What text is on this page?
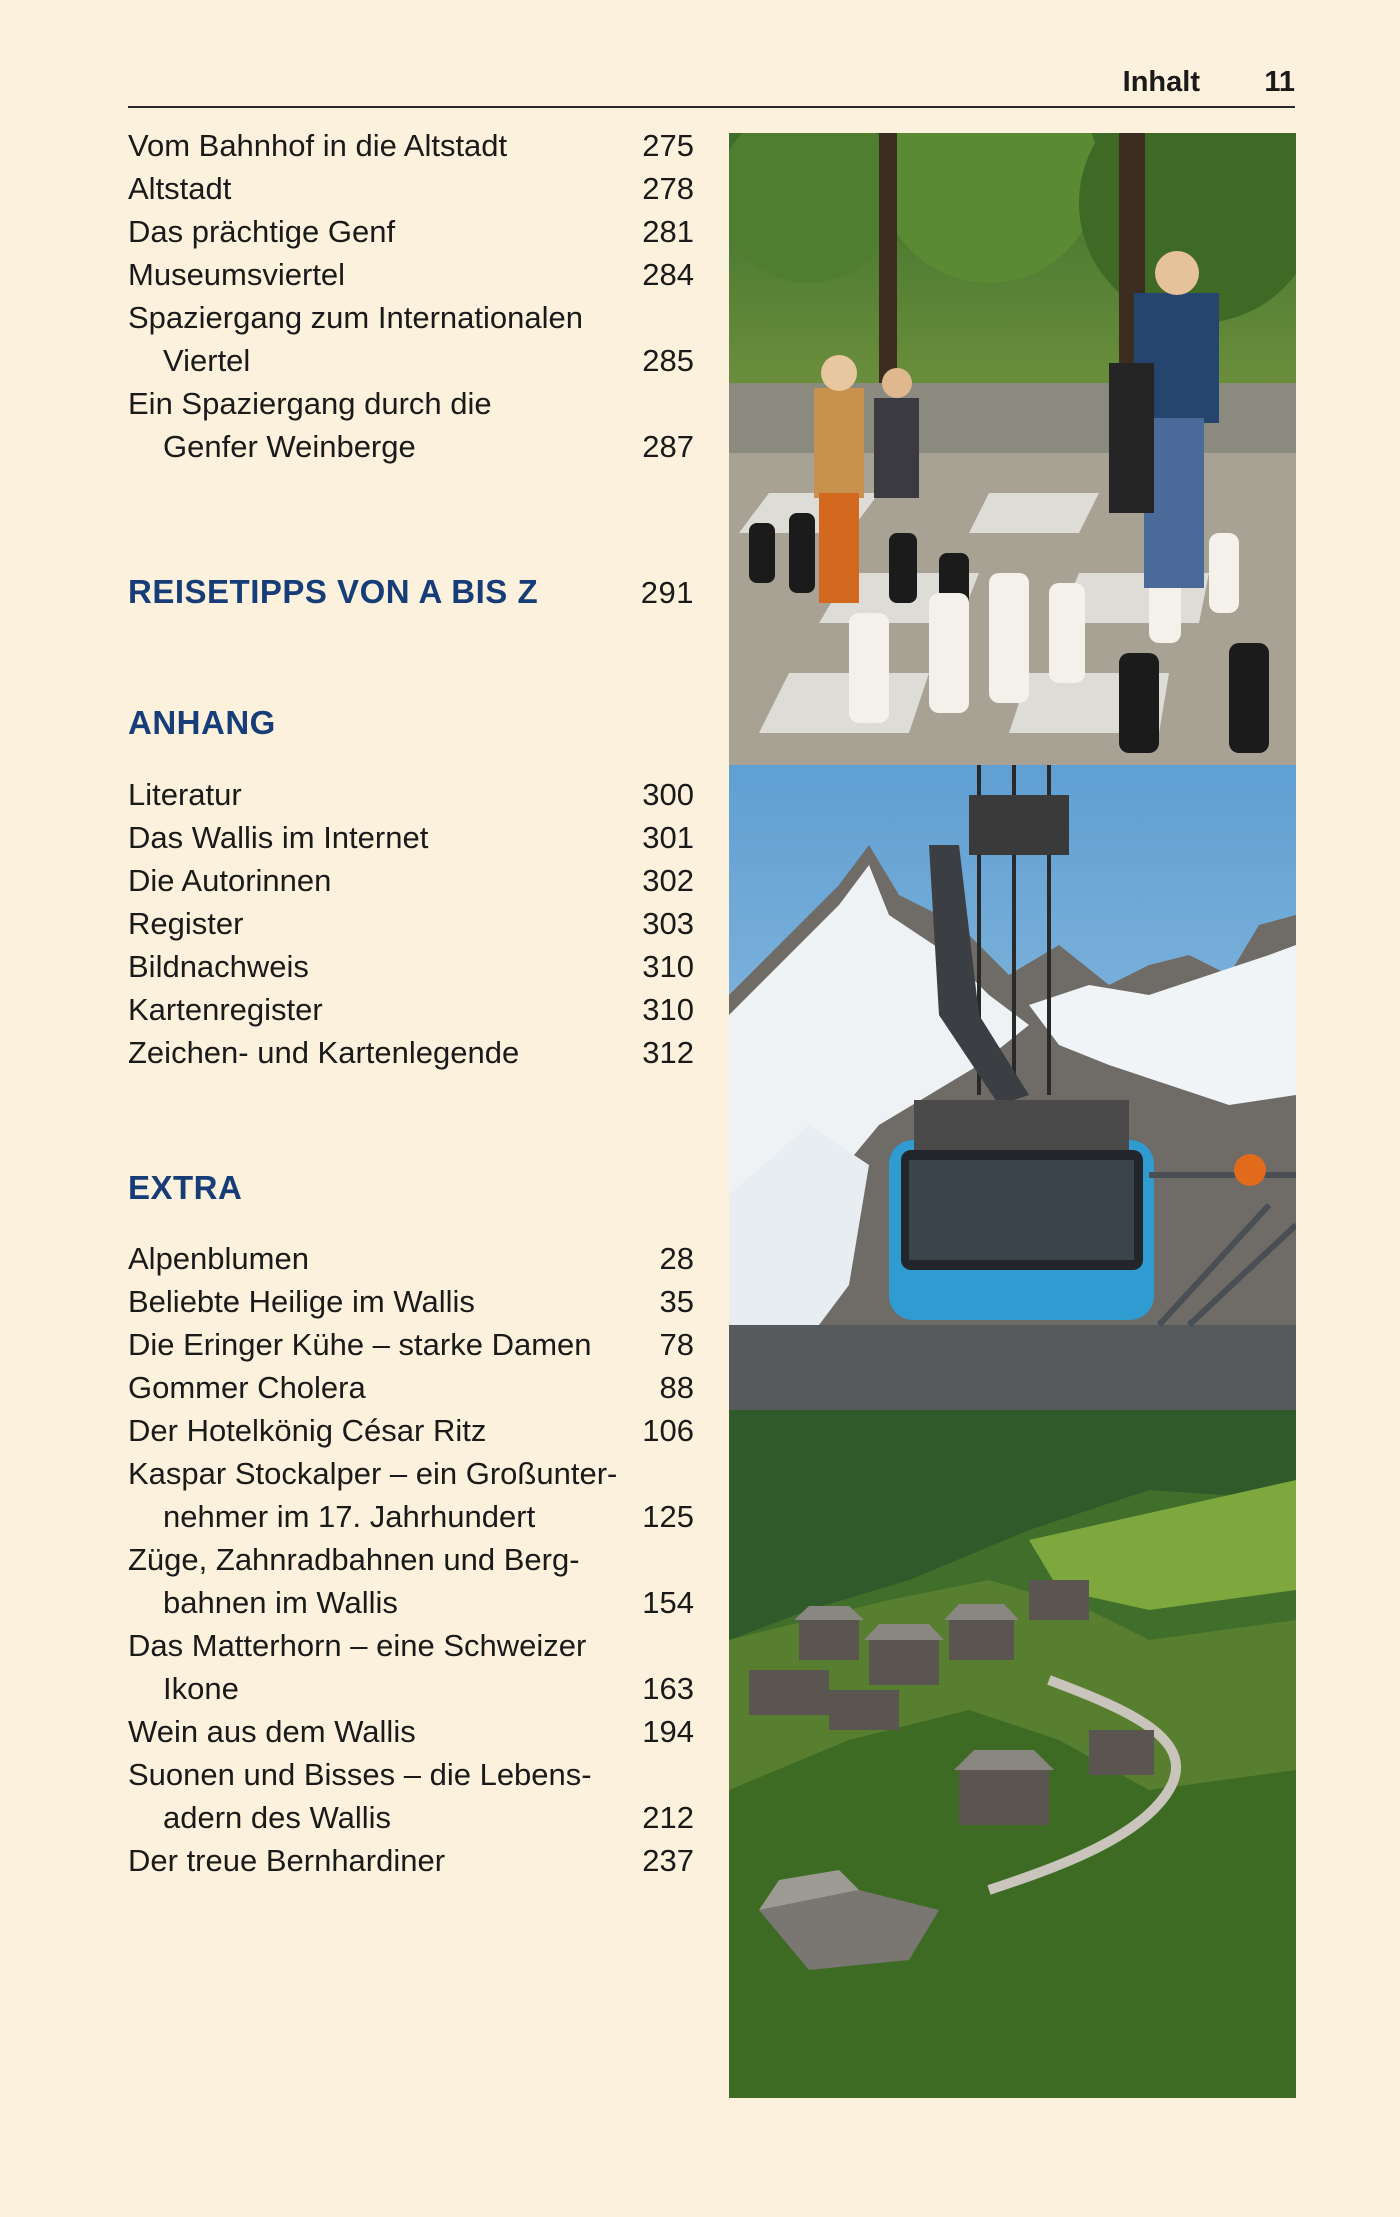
Inhalt 11
Vom Bahnhof in die Altstadt	275
Altstadt	278
Das prächtige Genf	281
Museumsviertel	284
Spaziergang zum Internationalen
Viertel	285
Ein Spaziergang durch die
Genfer Weinberge	287
REISETIPPS VON A BIS Z	291
ANHANG
Literatur	300
Das Wallis im Internet	301
Die Autorinnen	302
Register	303
Bildnachweis	310
Kartenregister	310
Zeichen- und Kartenlegende	312
EXTRA
Alpenblumen	28
Beliebte Heilige im Wallis	35
Die Eringer Kühe – starke Damen	78
Gommer Cholera	88
Der Hotelkönig César Ritz	106
Kaspar Stockalper – ein Großunter-
nehmer im 17. Jahrhundert	125
Züge, Zahnradbahnen und Berg-
bahnen im Wallis	154
Das Matterhorn – eine Schweizer
Ikone	163
Wein aus dem Wallis	194
Suonen und Bisses – die Lebens-
adern des Wallis	212
Der treue Bernhardiner	237
